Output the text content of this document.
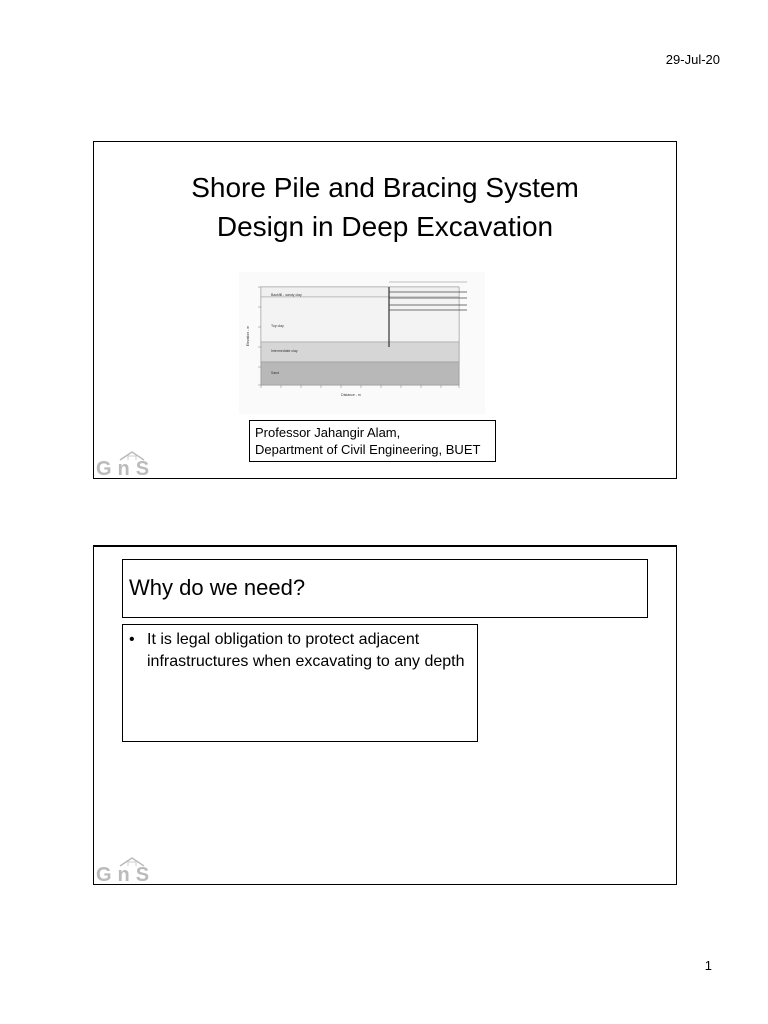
29-Jul-20
Shore Pile and Bracing System
Design in Deep Excavation
Backfill - sandy clay
Top clay
Intermediate clay
Sand
Distance - m
Elevation - m
Professor Jahangir Alam,
Department of Civil Engineering, BUET
GnS
Why do we need?
• It is legal obligation to protect adjacent infrastructures when excavating to any depth
GnS
1
